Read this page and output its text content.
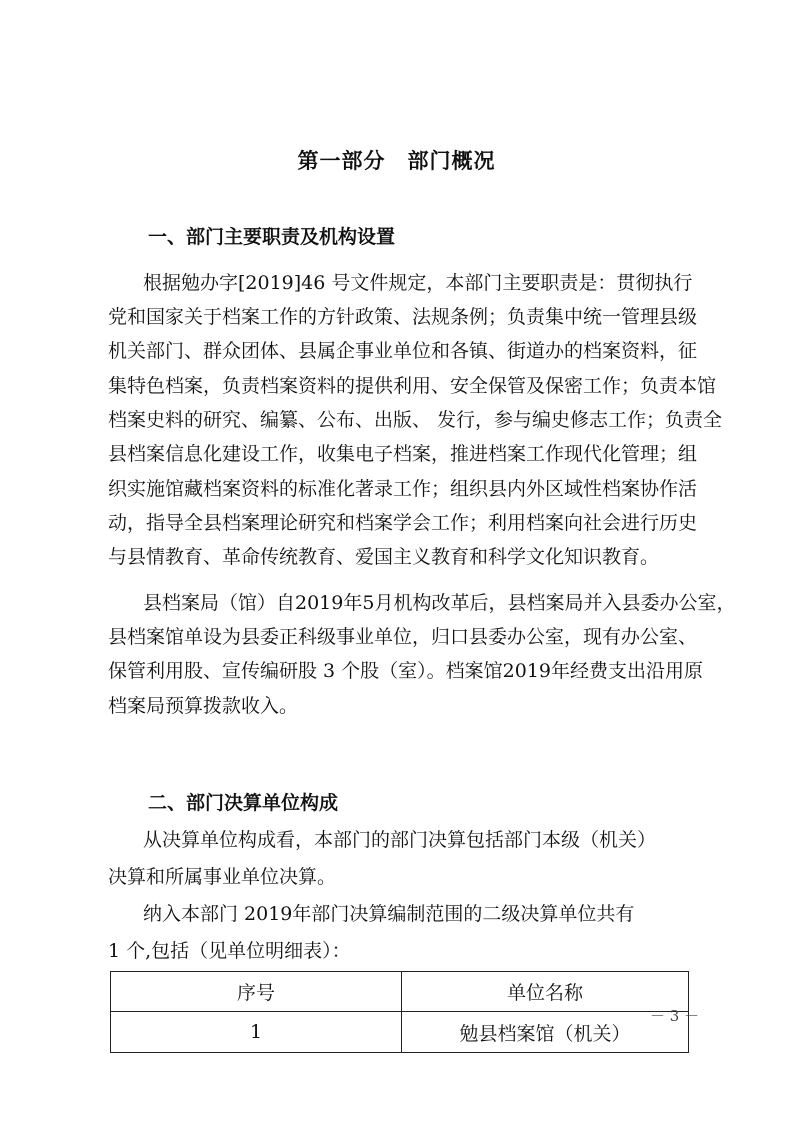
第一部分　部门概况
一、部门主要职责及机构设置

根据勉办字[2019]46 号文件规定，本部门主要职责是：贯彻执行

党和国家关于档案工作的方针政策、法规条例；负责集中统一管理县级

机关部门、群众团体、县属企事业单位和各镇、街道办的档案资料，征

集特色档案，负责档案资料的提供利用、安全保管及保密工作；负责本馆

档案史料的研究、编纂、公布、出版、 发行，参与编史修志工作；负责全

县档案信息化建设工作，收集电子档案，推进档案工作现代化管理；组

织实施馆藏档案资料的标准化著录工作；组织县内外区域性档案协作活

动，指导全县档案理论研究和档案学会工作；利用档案向社会进行历史

与县情教育、革命传统教育、爱国主义教育和科学文化知识教育。

县档案局（馆）自2019年5月机构改革后，县档案局并入县委办公室，

县档案馆单设为县委正科级事业单位，归口县委办公室，现有办公室、

保管利用股、宣传编研股 3 个股（室）。档案馆2019年经费支出沿用原

档案局预算拨款收入。

二、部门决算单位构成

从决算单位构成看，本部门的部门决算包括部门本级（机关）

决算和所属事业单位决算。

纳入本部门 2019年部门决算编制范围的二级决算单位共有

1 个,包括（见单位明细表）：

序号	单位名称
1	勉县档案馆（机关）
－ 3 －
